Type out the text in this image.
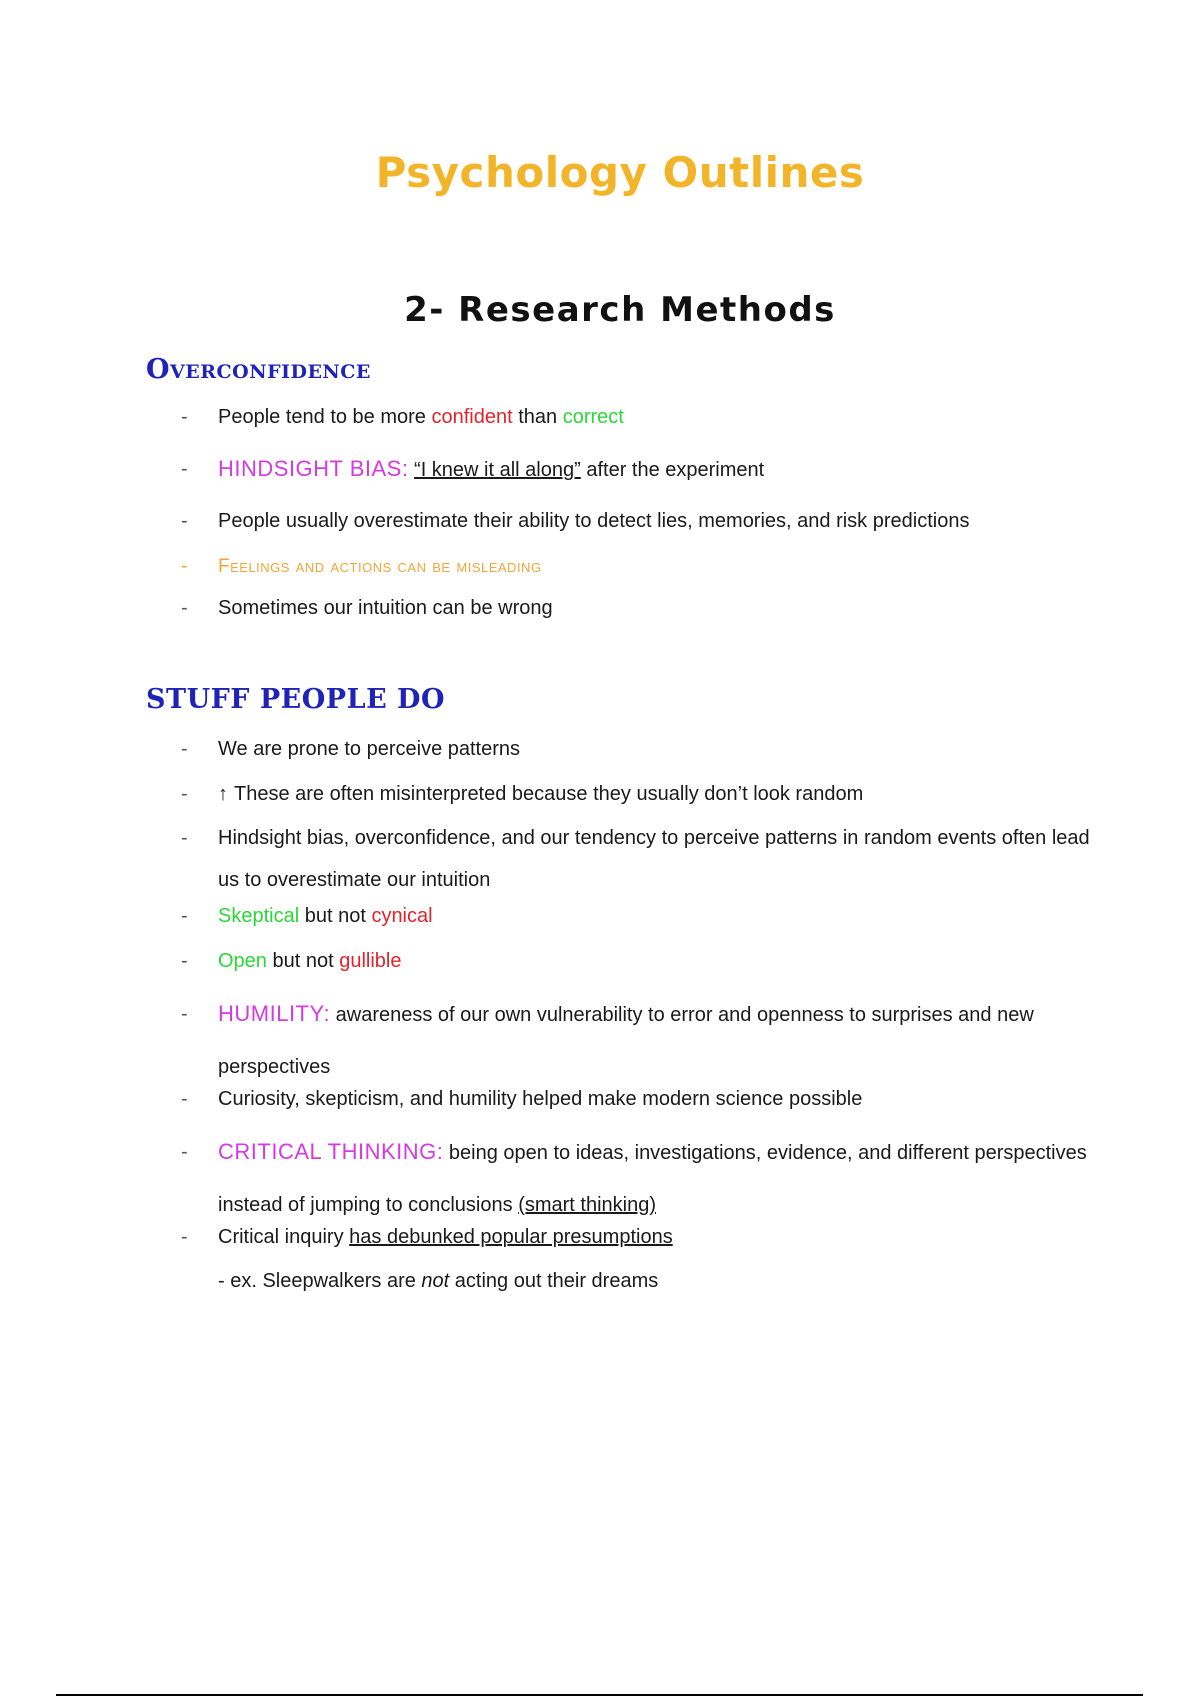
Psychology Outlines
2- Research Methods
Overconfidence
- People tend to be more confident than correct
- HINDSIGHT BIAS: “I knew it all along” after the experiment
- People usually overestimate their ability to detect lies, memories, and risk predictions
- Feelings and actions can be misleading
- Sometimes our intuition can be wrong
STUFF PEOPLE DO
- We are prone to perceive patterns
- ↑ These are often misinterpreted because they usually don’t look random
- Hindsight bias, overconfidence, and our tendency to perceive patterns in random events often lead us to overestimate our intuition
- Skeptical but not cynical
- Open but not gullible
- HUMILITY: awareness of our own vulnerability to error and openness to surprises and new perspectives
- Curiosity, skepticism, and humility helped make modern science possible
- CRITICAL THINKING: being open to ideas, investigations, evidence, and different perspectives instead of jumping to conclusions (smart thinking)
- Critical inquiry has debunked popular presumptions
- ex. Sleepwalkers are not acting out their dreams
